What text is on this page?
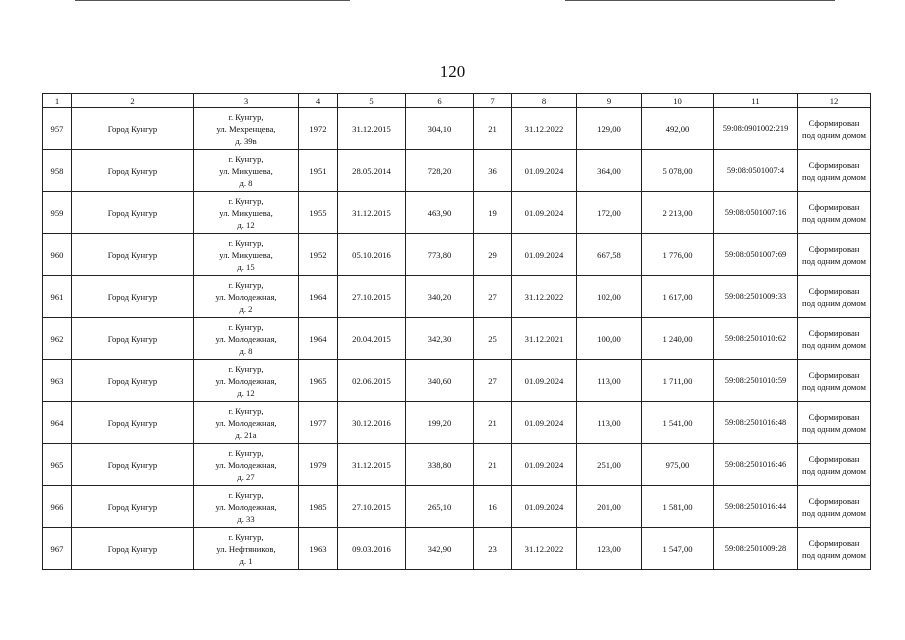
120
1	2	3	4	5	6	7	8	9	10	11	12
957	Город Кунгур	г. Кунгур,
ул. Мехренцева,
д. 39в	1972	31.12.2015	304,10	21	31.12.2022	129,00	492,00	59:08:0901002:219	Сформирован
под одним домом

958	Город Кунгур	г. Кунгур,
ул. Микушева,
д. 8	1951	28.05.2014	728,20	36	01.09.2024	364,00	5 078,00	59:08:0501007:4	Сформирован
под одним домом

959	Город Кунгур	г. Кунгур,
ул. Микушева,
д. 12	1955	31.12.2015	463,90	19	01.09.2024	172,00	2 213,00	59:08:0501007:16	Сформирован
под одним домом

960	Город Кунгур	г. Кунгур,
ул. Микушева,
д. 15	1952	05.10.2016	773,80	29	01.09.2024	667,58	1 776,00	59:08:0501007:69	Сформирован
под одним домом

961	Город Кунгур	г. Кунгур,
ул. Молодежная,
д. 2	1964	27.10.2015	340,20	27	31.12.2022	102,00	1 617,00	59:08:2501009:33	Сформирован
под одним домом

962	Город Кунгур	г. Кунгур,
ул. Молодежная,
д. 8	1964	20.04.2015	342,30	25	31.12.2021	100,00	1 240,00	59:08:2501010:62	Сформирован
под одним домом

963	Город Кунгур	г. Кунгур,
ул. Молодежная,
д. 12	1965	02.06.2015	340,60	27	01.09.2024	113,00	1 711,00	59:08:2501010:59	Сформирован
под одним домом

964	Город Кунгур	г. Кунгур,
ул. Молодежная,
д. 21а	1977	30.12.2016	199,20	21	01.09.2024	113,00	1 541,00	59:08:2501016:48	Сформирован
под одним домом

965	Город Кунгур	г. Кунгур,
ул. Молодежная,
д. 27	1979	31.12.2015	338,80	21	01.09.2024	251,00	975,00	59:08:2501016:46	Сформирован
под одним домом

966	Город Кунгур	г. Кунгур,
ул. Молодежная,
д. 33	1985	27.10.2015	265,10	16	01.09.2024	201,00	1 581,00	59:08:2501016:44	Сформирован
под одним домом

967	Город Кунгур	г. Кунгур,
ул. Нефтяников,
д. 1	1963	09.03.2016	342,90	23	31.12.2022	123,00	1 547,00	59:08:2501009:28	Сформирован
под одним домом
